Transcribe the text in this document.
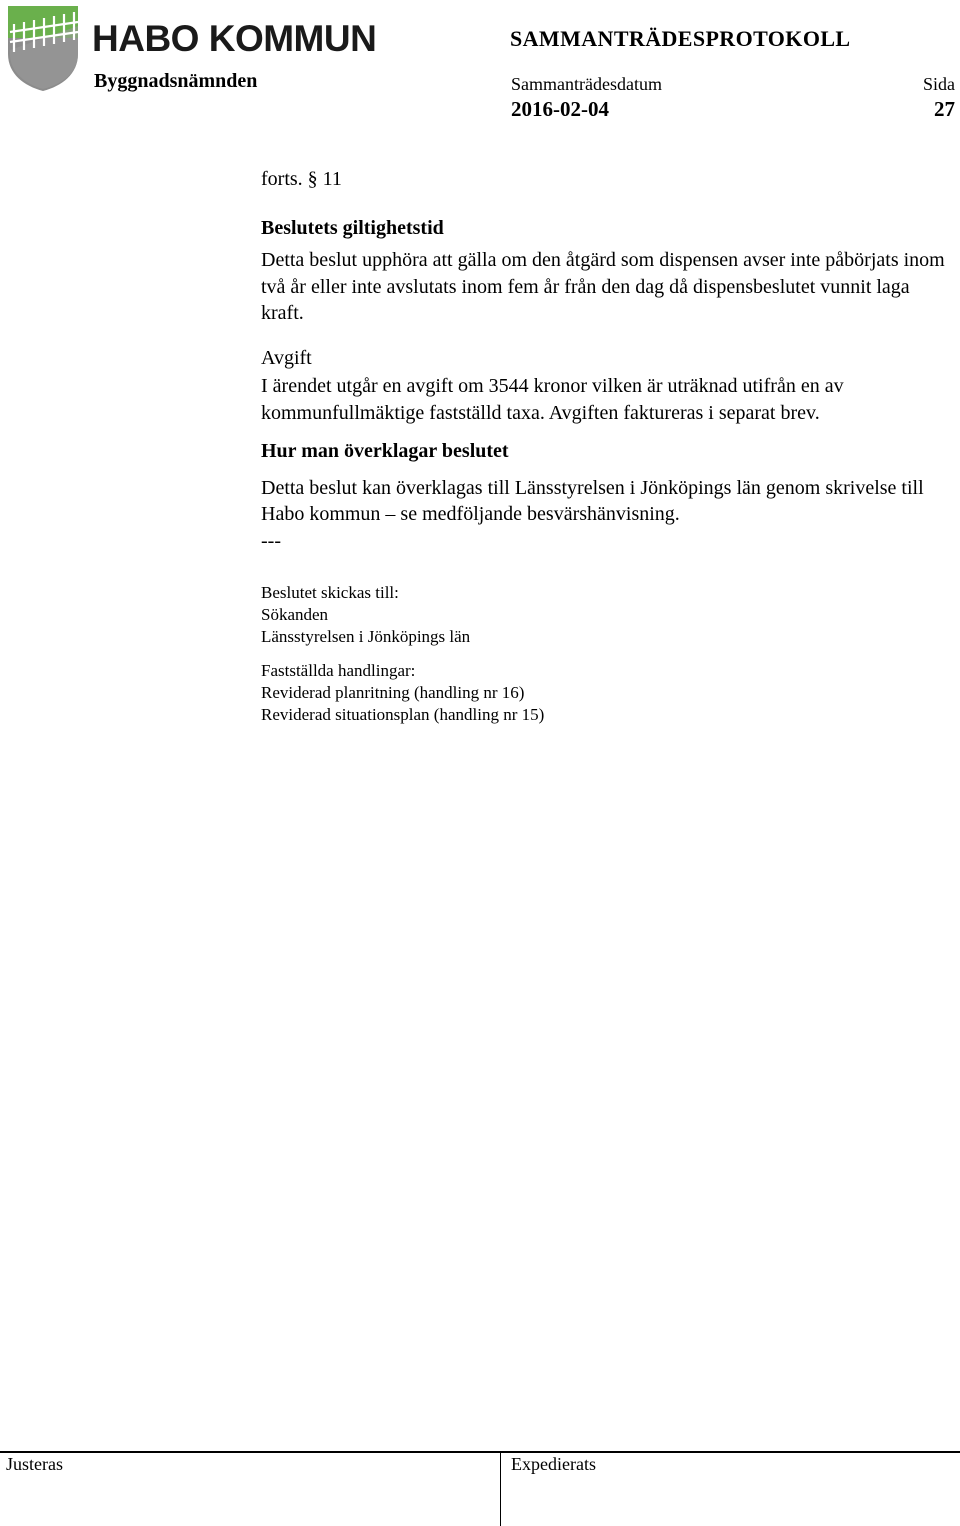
HABO KOMMUN
Byggnadsnämnden
SAMMANTRÄDESPROTOKOLL
Sammanträdesdatum
2016-02-04
Sida
27

forts. § 11

Beslutets giltighetstid

Detta beslut upphöra att gälla om den åtgärd som dispensen avser inte påbörjats inom två år eller inte avslutats inom fem år från den dag då dispensbeslutet vunnit laga kraft.

Avgift

I ärendet utgår en avgift om 3544 kronor vilken är uträknad utifrån en av kommunfullmäktige fastställd taxa. Avgiften faktureras i separat brev.

Hur man överklagar beslutet

Detta beslut kan överklagas till Länsstyrelsen i Jönköpings län genom skrivelse till Habo kommun – se medföljande besvärshänvisning.

---

Beslutet skickas till:
Sökanden
Länsstyrelsen i Jönköpings län
Fastställda handlingar:
Reviderad planritning (handling nr 16)
Reviderad situationsplan (handling nr 15)
Justeras	Expedierats
